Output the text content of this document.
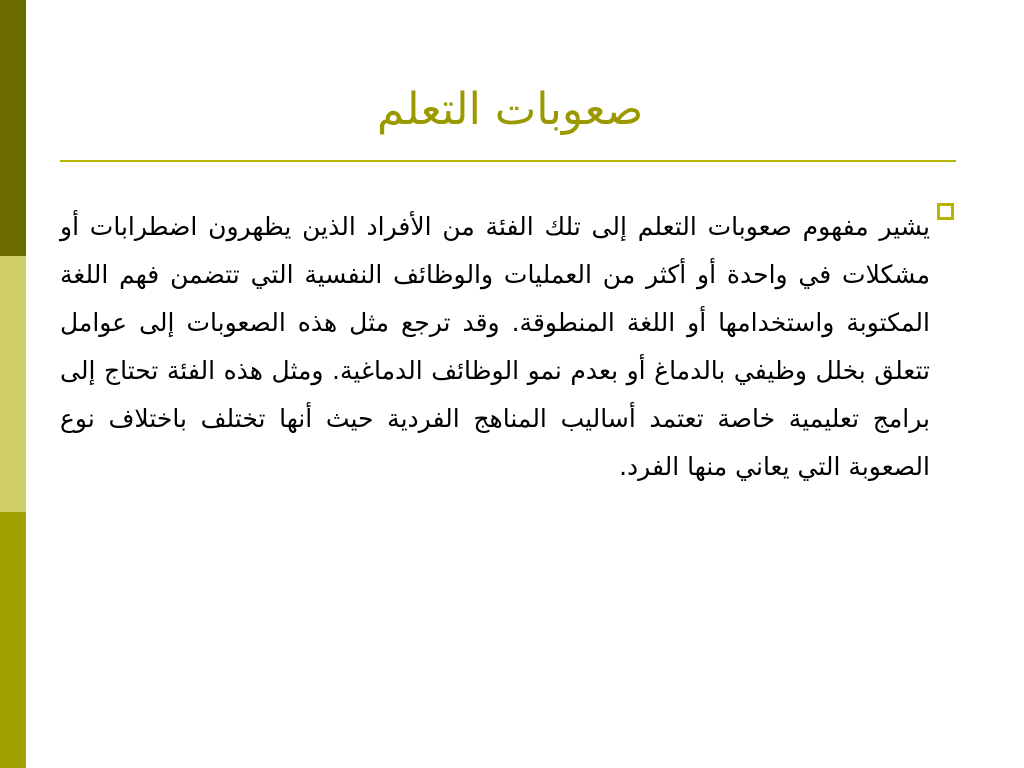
صعوبات التعلم

يشير مفهوم صعوبات التعلم إلى تلك الفئة من الأفراد الذين يظهرون اضطرابات أو مشكلات في واحدة أو أكثر من العمليات والوظائف النفسية التي تتضمن فهم اللغة المكتوبة واستخدامها أو اللغة المنطوقة. وقد ترجع مثل هذه الصعوبات إلى عوامل تتعلق بخلل وظيفي بالدماغ أو بعدم نمو الوظائف الدماغية. ومثل هذه الفئة تحتاج إلى برامج تعليمية خاصة تعتمد أساليب المناهج الفردية حيث أنها تختلف باختلاف نوع الصعوبة التي يعاني منها الفرد.
